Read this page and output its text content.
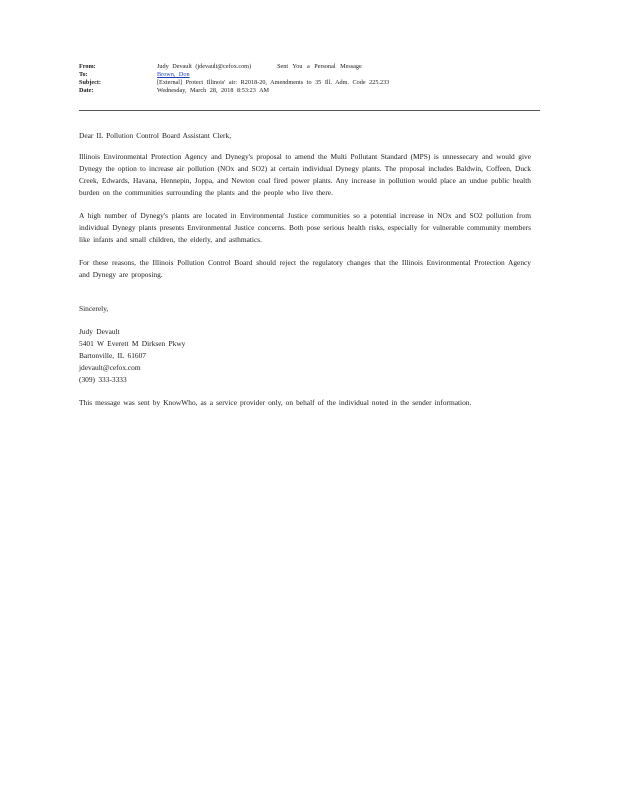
From:	Judy Devault (jdevault@cefox.com)	Sent You a Personal Message
To:	Brown, Don
Subject:	[External] Protect Illinois' air: R2018-20, Amendments to 35 Ill. Adm. Code 225.233
Date:	Wednesday, March 28, 2018 8:53:23 AM

Dear IL Pollution Control Board Assistant Clerk,

Illinois Environmental Protection Agency and Dynegy's proposal to amend the Multi Pollutant Standard (MPS) is unnessecary and would give Dynegy the option to increase air pollution (NOx and SO2) at certain individual Dynegy plants. The proposal includes Baldwin, Coffeen, Duck Creek, Edwards, Havana, Hennepin, Joppa, and Newton coal fired power plants. Any increase in pollution would place an undue public health burden on the communities surrounding the plants and the people who live there.

A high number of Dynegy's plants are located in Environmental Justice communities so a potential increase in NOx and SO2 pollution from individual Dynegy plants presents Environmental Justice concerns. Both pose serious health risks, especially for vulnerable community members like infants and small children, the elderly, and asthmatics.

For these reasons, the Illinois Pollution Control Board should reject the regulatory changes that the Illinois Environmental Protection Agency and Dynegy are proposing.

Sincerely,

Judy Devault
5401 W Everett M Dirksen Pkwy
Bartonville, IL 61607
jdevault@cefox.com
(309) 333-3333

This message was sent by KnowWho, as a service provider only, on behalf of the individual noted in the sender information.
